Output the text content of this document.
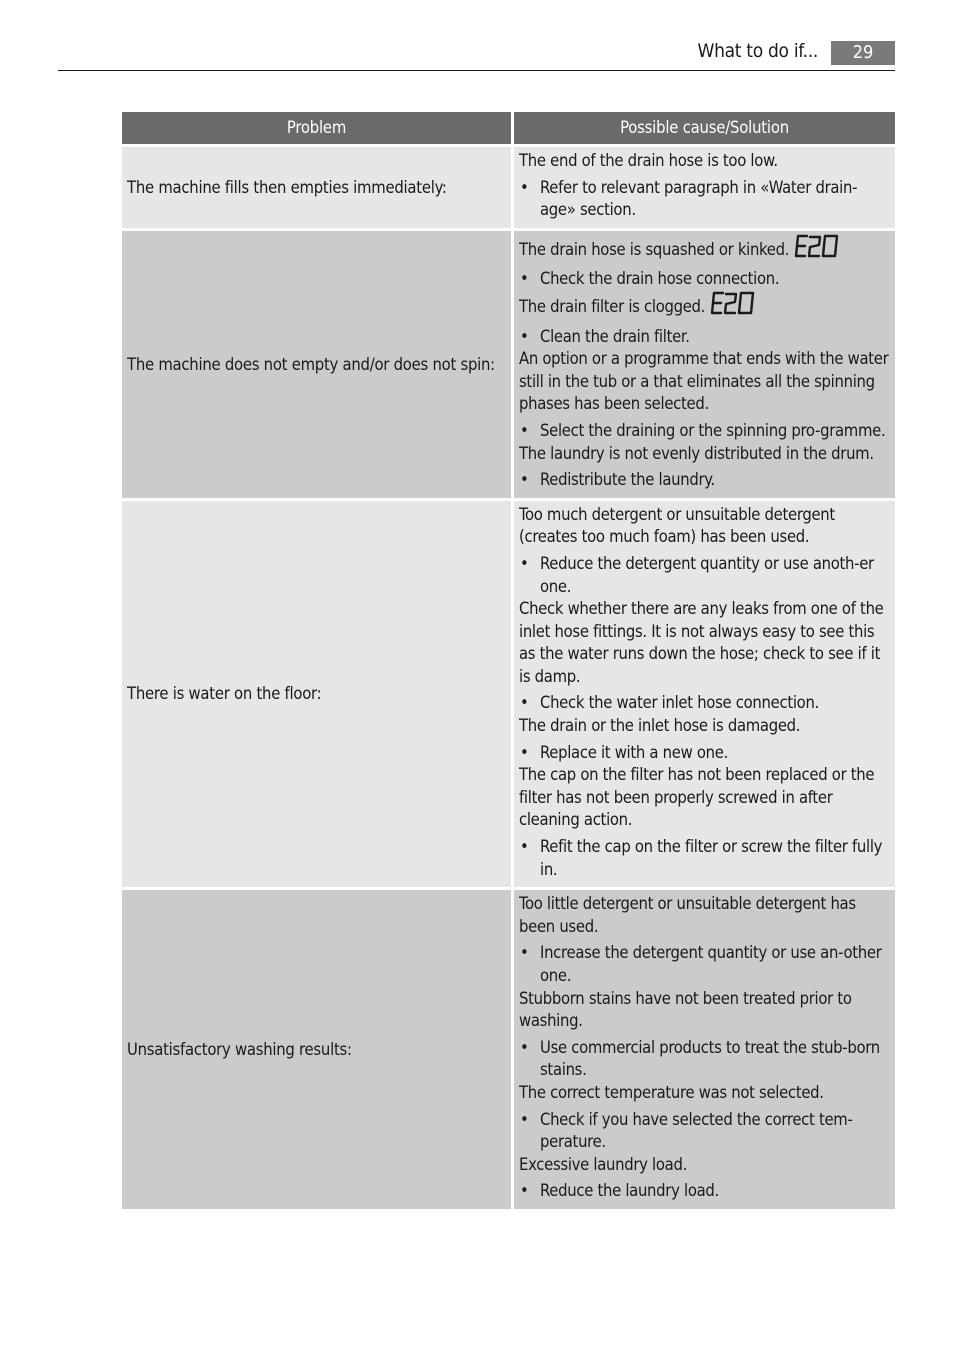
What to do if...	29
Problem	Possible cause/Solution
The machine fills then empties immediately:
The end of the drain hose is too low.
• Refer to relevant paragraph in «Water drain-age» section.
The machine does not empty and/or does not spin:
The drain hose is squashed or kinked.
• Check the drain hose connection.
The drain filter is clogged.
• Clean the drain filter.
An option or a programme that ends with the water still in the tub or a that eliminates all the spinning phases has been selected.
• Select the draining or the spinning pro-gramme.
The laundry is not evenly distributed in the drum.
• Redistribute the laundry.
There is water on the floor:
Too much detergent or unsuitable detergent (creates too much foam) has been used.
• Reduce the detergent quantity or use anoth-er one.
Check whether there are any leaks from one of the inlet hose fittings. It is not always easy to see this as the water runs down the hose; check to see if it is damp.
• Check the water inlet hose connection.
The drain or the inlet hose is damaged.
• Replace it with a new one.
The cap on the filter has not been replaced or the filter has not been properly screwed in after cleaning action.
• Refit the cap on the filter or screw the filter fully in.
Unsatisfactory washing results:
Too little detergent or unsuitable detergent has been used.
• Increase the detergent quantity or use an-other one.
Stubborn stains have not been treated prior to washing.
• Use commercial products to treat the stub-born stains.
The correct temperature was not selected.
• Check if you have selected the correct tem-perature.
Excessive laundry load.
• Reduce the laundry load.
